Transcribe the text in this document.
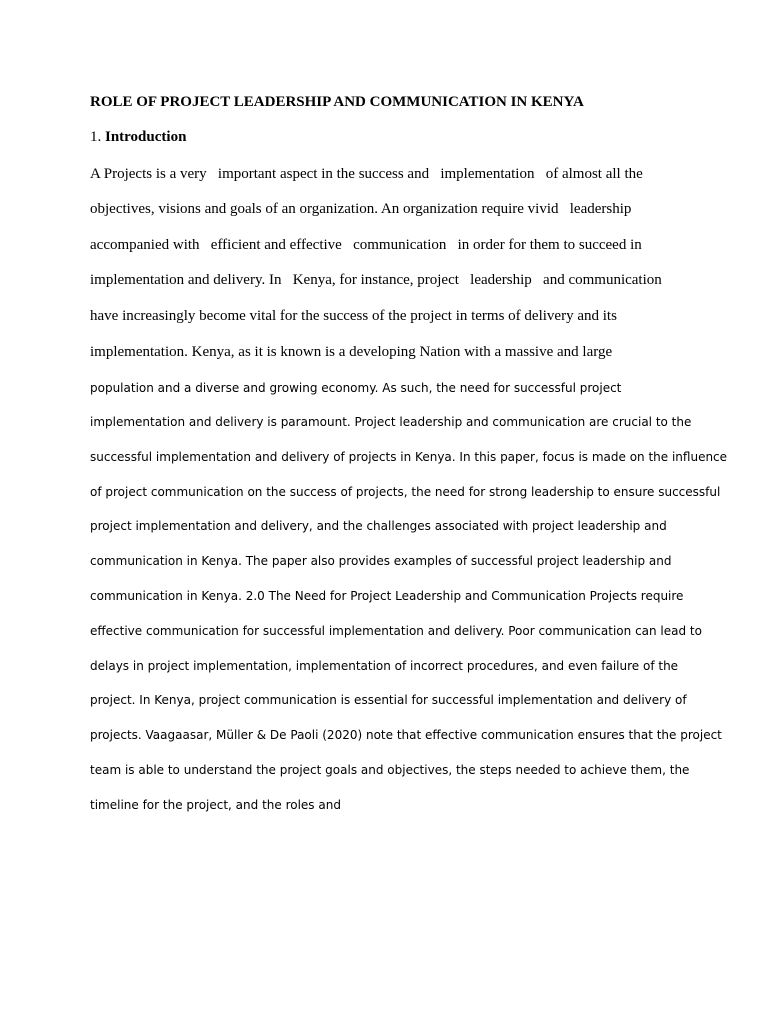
ROLE OF PROJECT LEADERSHIP AND COMMUNICATION IN KENYA

1. Introduction

A Projects is a very   important aspect in the success and   implementation   of almost all the

objectives, visions and goals of an organization. An organization require vivid   leadership

accompanied with   efficient and effective   communication   in order for them to succeed in

implementation and delivery. In   Kenya, for instance, project   leadership   and communication

have increasingly become vital for the success of the project in terms of delivery and its

implementation. Kenya, as it is known is a developing Nation with a massive and large

population and a diverse and growing economy. As such, the need for successful project

implementation and delivery is paramount. Project leadership and communication are crucial to the

successful implementation and delivery of projects in Kenya. In this paper, focus is made on the influence

of project communication on the success of projects, the need for strong leadership to ensure successful

project implementation and delivery, and the challenges associated with project leadership and

communication in Kenya. The paper also provides examples of successful project leadership and

communication in Kenya. 2.0 The Need for Project Leadership and Communication Projects require

effective communication for successful implementation and delivery. Poor communication can lead to

delays in project implementation, implementation of incorrect procedures, and even failure of the

project. In Kenya, project communication is essential for successful implementation and delivery of

projects. Vaagaasar, Müller & De Paoli (2020) note that effective communication ensures that the project

team is able to understand the project goals and objectives, the steps needed to achieve them, the

timeline for the project, and the roles and
